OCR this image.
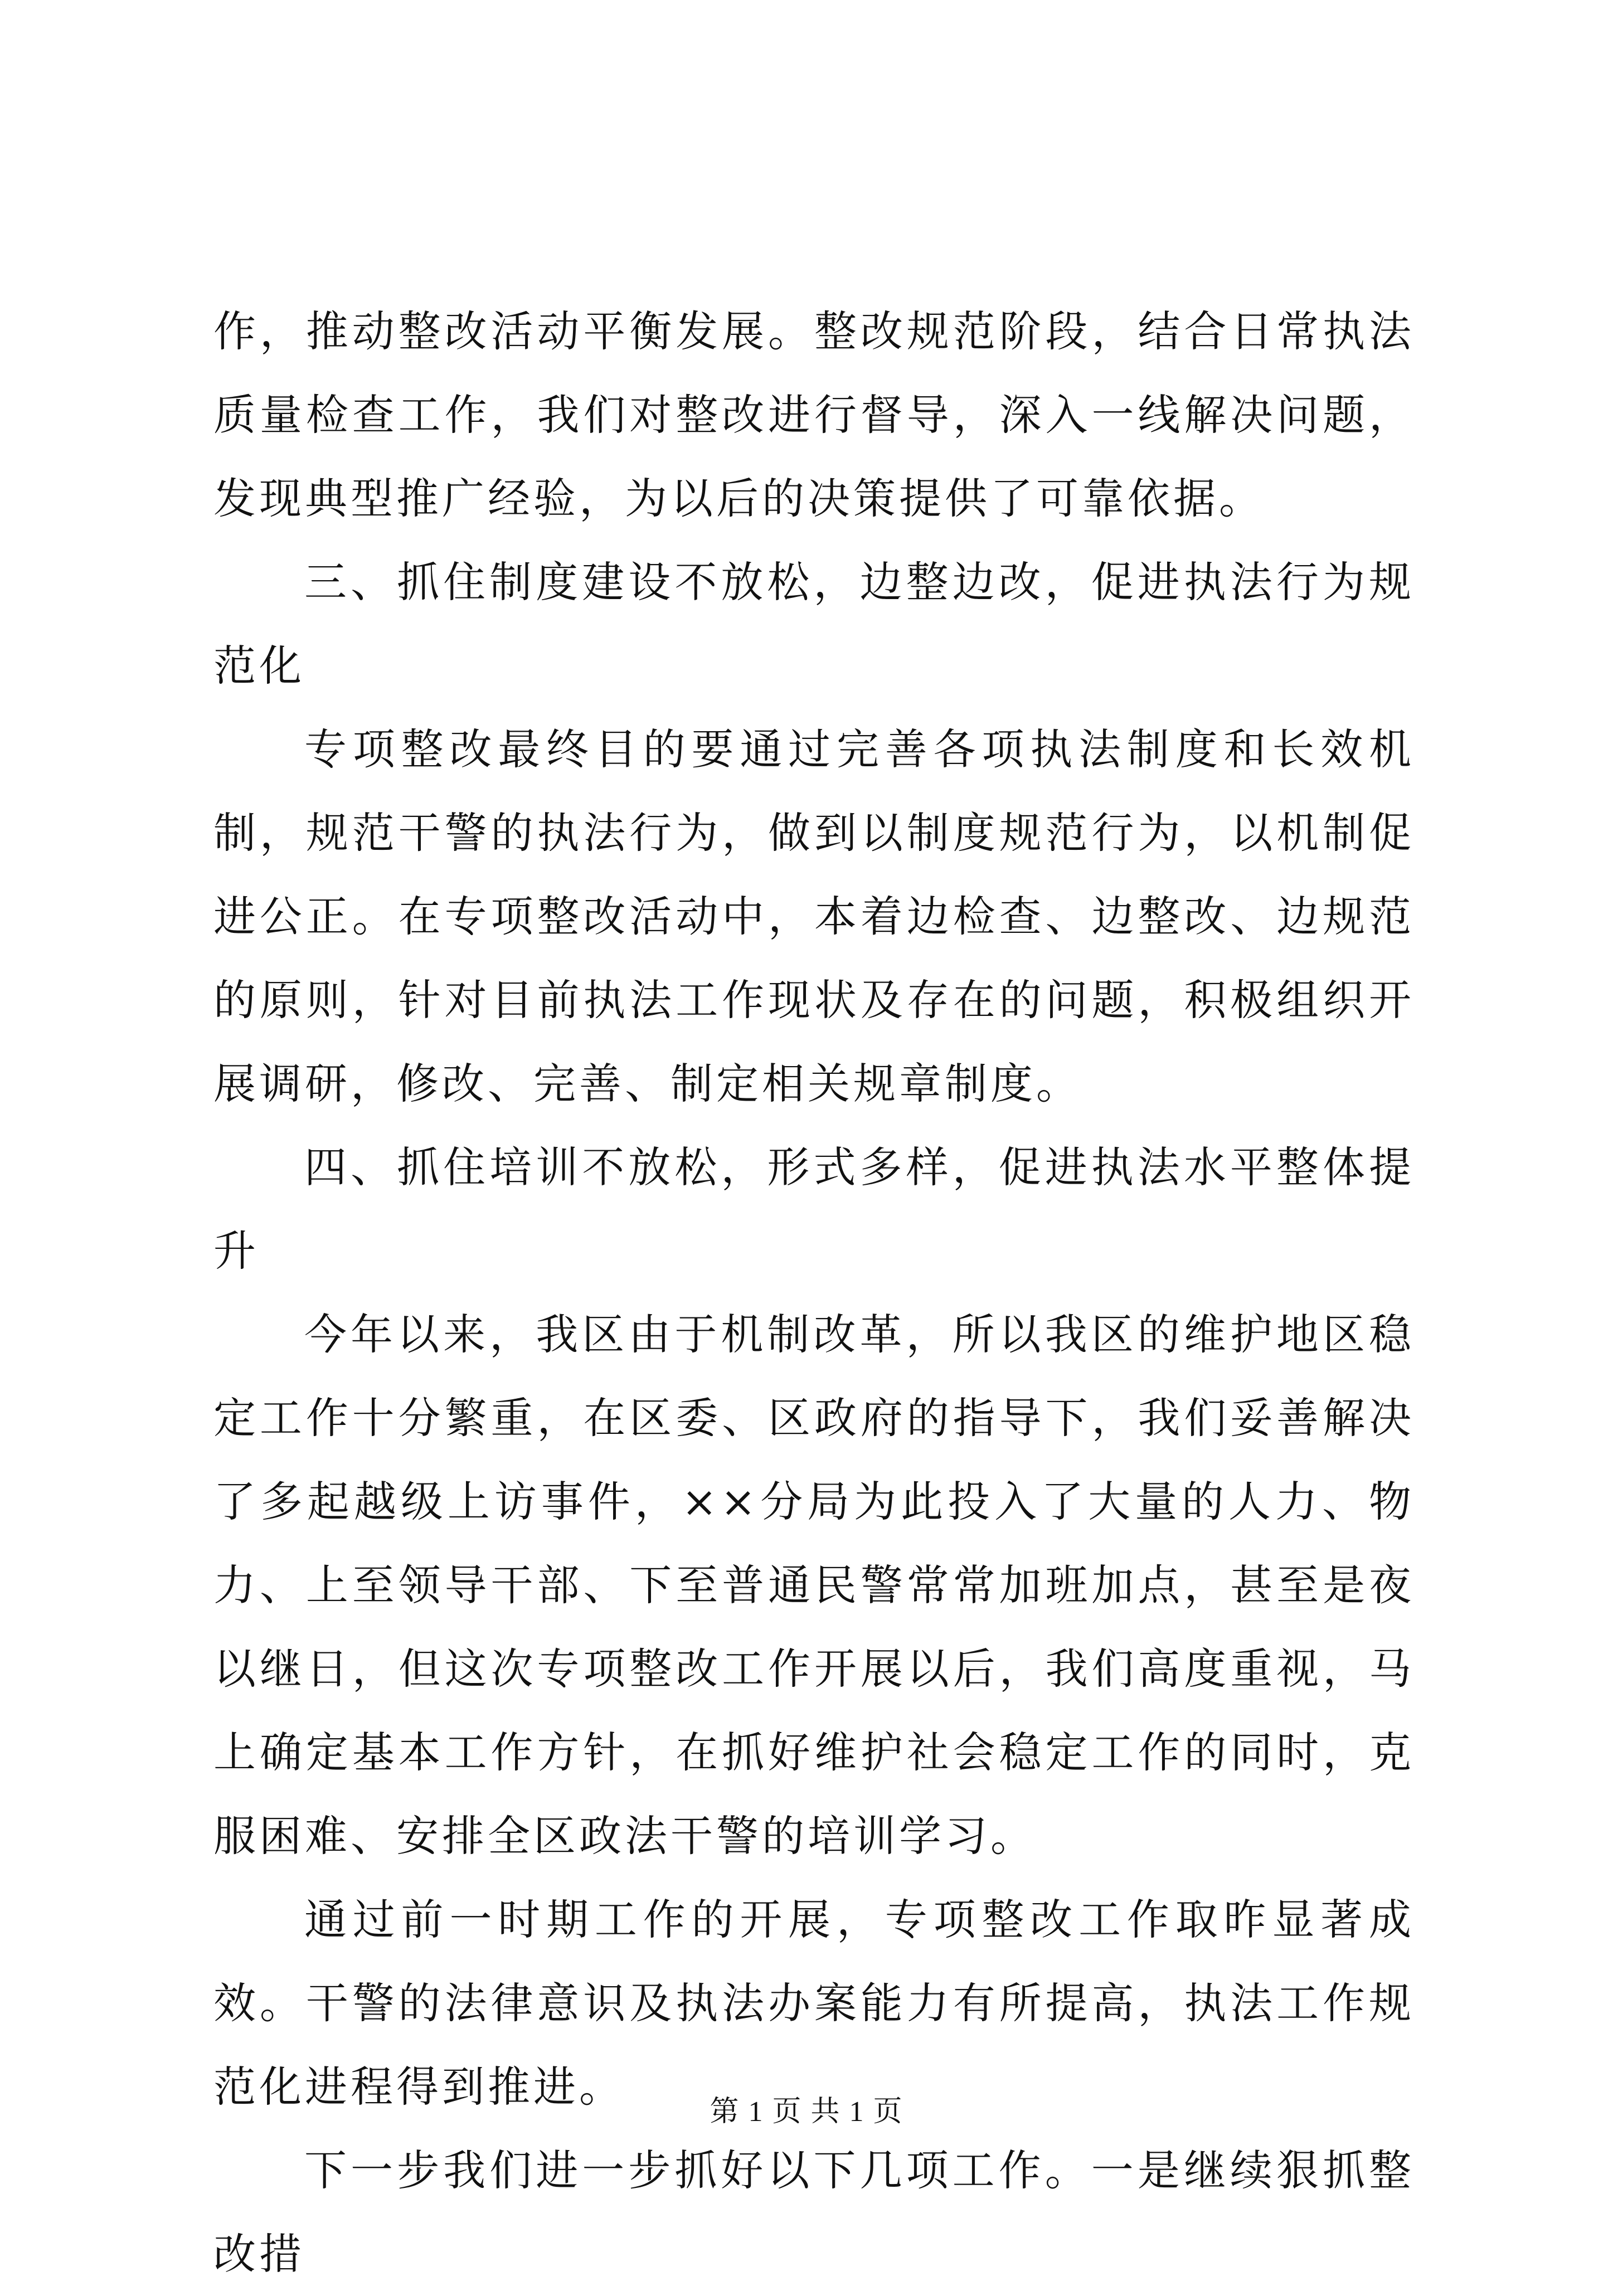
作，推动整改活动平衡发展。整改规范阶段，结合日常执法质量检查工作，我们对整改进行督导，深入一线解决问题，发现典型推广经验，为以后的决策提供了可靠依据。

三、抓住制度建设不放松，边整边改，促进执法行为规范化

专项整改最终目的要通过完善各项执法制度和长效机制，规范干警的执法行为，做到以制度规范行为，以机制促进公正。在专项整改活动中，本着边检查、边整改、边规范的原则，针对目前执法工作现状及存在的问题，积极组织开展调研，修改、完善、制定相关规章制度。

四、抓住培训不放松，形式多样，促进执法水平整体提升

今年以来，我区由于机制改革，所以我区的维护地区稳定工作十分繁重，在区委、区政府的指导下，我们妥善解决了多起越级上访事件，××分局为此投入了大量的人力、物力、上至领导干部、下至普通民警常常加班加点，甚至是夜以继日，但这次专项整改工作开展以后，我们高度重视，马上确定基本工作方针，在抓好维护社会稳定工作的同时，克服困难、安排全区政法干警的培训学习。

通过前一时期工作的开展，专项整改工作取昨显著成效。干警的法律意识及执法办案能力有所提高，执法工作规范化进程得到推进。

下一步我们进一步抓好以下几项工作。一是继续狠抓整改措

第 1 页 共 1 页
